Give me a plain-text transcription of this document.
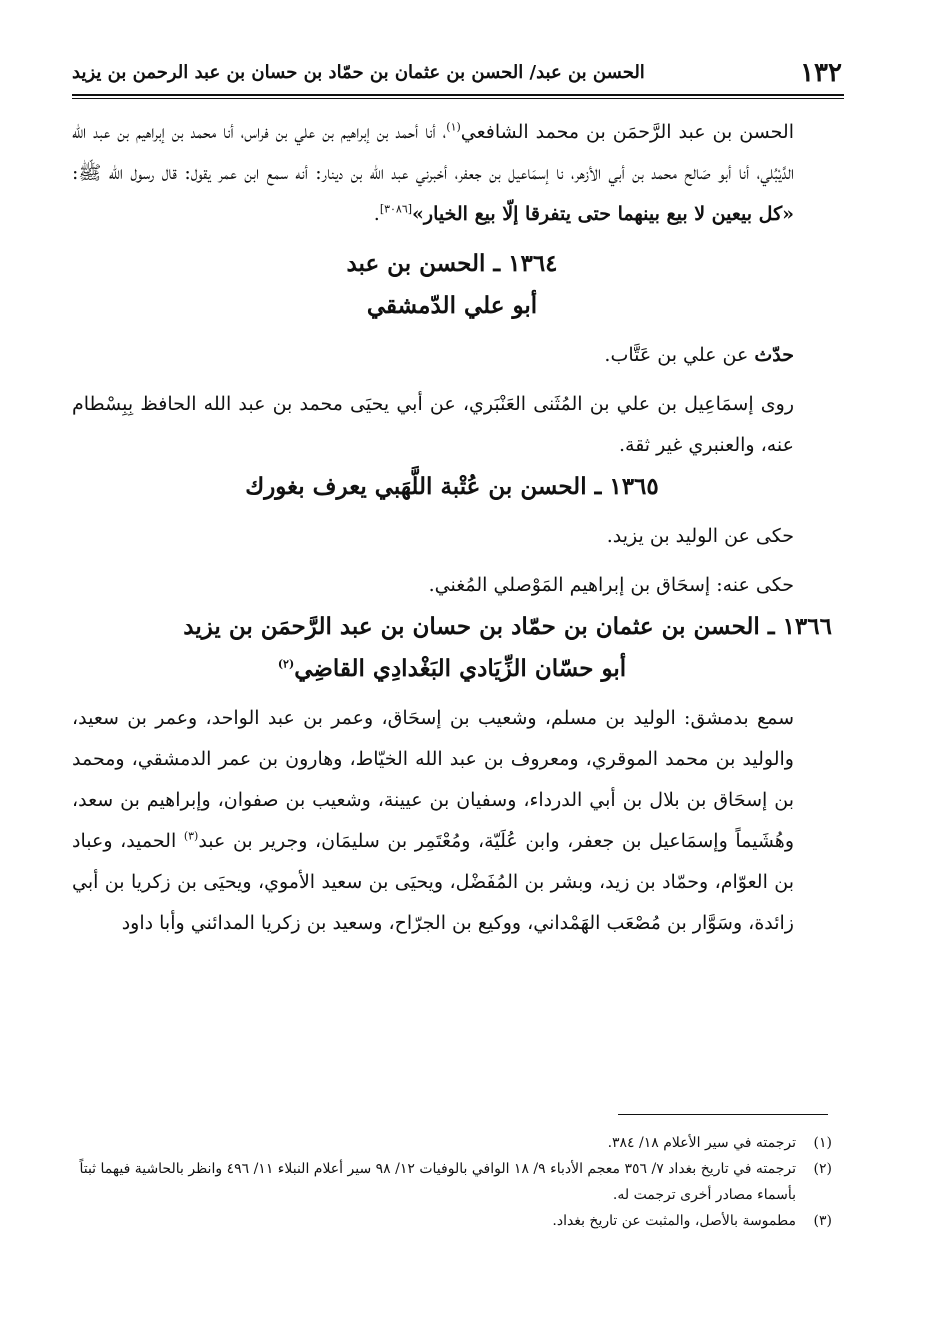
١٣٢
الحسن بن عبد/ الحسن بن عثمان بن حمّاد بن حسان بن عبد الرحمن بن يزيد

الحسن بن عبد الرَّحمَن بن محمد الشافعي$^{(١)}$، أنا أحمد بن إبراهيم بن علي بن فراس، أنا محمد بن إبراهيم بن عبد الله الدَّيْبُلي، أنا أبو صَالح محمد بن أبي الأزهر، نا إسمَاعيل بن جعفر، أخبرني عبد الله بن دينار: أنه سمع ابن عمر يقول: قال رسول الله ﷺ: «كل بيعين لا بيع بينهما حتى يتفرقا إلّا بيع الخيار»[٣٠٨٦].

١٣٦٤ ـ الحسن بن عبد
أبو علي الدّمشقي

حدّث عن علي بن عَتَّاب.

روى إسمَاعِيل بن علي بن المُثَنى العَنْبَري، عن أبي يحيَى محمد بن عبد الله الحافظ بِبِسْطام عنه، والعنبري غير ثقة.

١٣٦٥ ـ الحسن بن عُتْبة اللَّهَبي يعرف بغورك

حكى عن الوليد بن يزيد.

حكى عنه: إسحَاق بن إبراهيم المَوْصلي المُغني.

١٣٦٦ ـ الحسن بن عثمان بن حمّاد بن حسان بن عبد الرَّحمَن بن يزيد
أبو حسّان الزِّيَادي البَغْدادِي القاضِي$^{(٢)}$

سمع بدمشق: الوليد بن مسلم، وشعيب بن إسحَاق، وعمر بن عبد الواحد، وعمر بن سعيد، والوليد بن محمد الموقري، ومعروف بن عبد الله الخيّاط، وهارون بن عمر الدمشقي، ومحمد بن إسحَاق بن بلال بن أبي الدرداء، وسفيان بن عيينة، وشعيب بن صفوان، وإبراهيم بن سعد، وهُشَيماً وإسمَاعيل بن جعفر، وابن عُلَيّة، ومُعْتَمِر بن سليمَان، وجرير بن عبد$^{(٣)}$ الحميد، وعباد بن العوّام، وحمّاد بن زيد، وبشر بن المُفَضْل، ويحيَى بن سعيد الأموي، ويحيَى بن زكريا بن أبي زائدة، وسَوَّار بن مُصْعَب الهَمْداني، ووكيع بن الجرّاح، وسعيد بن زكريا المدائني وأبا داود

(١)
ترجمته في سير الأعلام ١٨/ ٣٨٤.
(٢)
ترجمته في تاريخ بغداد ٧/ ٣٥٦ معجم الأدباء ٩/ ١٨ الوافي بالوفيات ١٢/ ٩٨ سير أعلام النبلاء ١١/ ٤٩٦ وانظر بالحاشية فيهما ثبتاً بأسماء مصادر أخرى ترجمت له.
(٣)
مطموسة بالأصل، والمثبت عن تاريخ بغداد.
